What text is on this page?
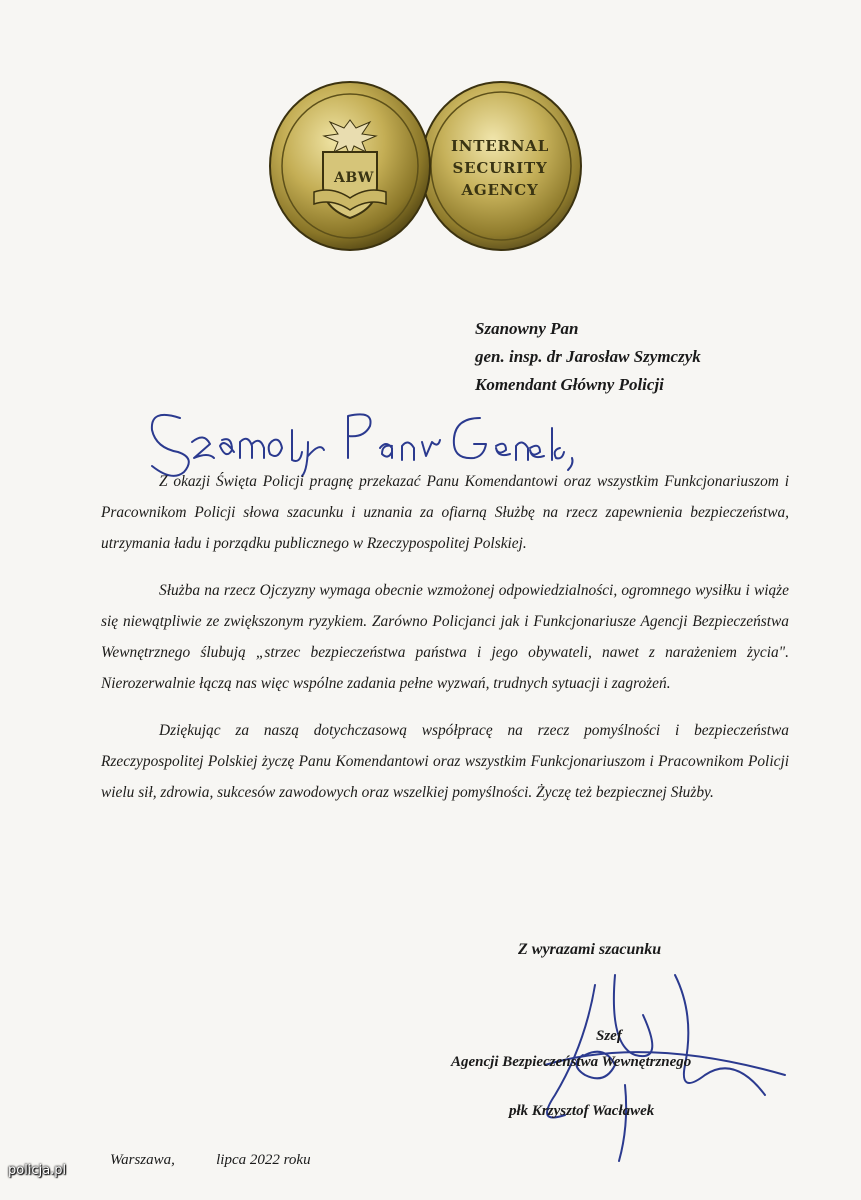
ABW
INTERNAL
SECURITY
AGENCY
Szanowny Pan
gen. insp. dr Jarosław Szymczyk
Komendant Główny Policji

Z okazji Święta Policji pragnę przekazać Panu Komendantowi oraz wszystkim Funkcjonariuszom i Pracownikom Policji słowa szacunku i uznania za ofiarną Służbę na rzecz zapewnienia bezpieczeństwa, utrzymania ładu i porządku publicznego w Rzeczypospolitej Polskiej.

Służba na rzecz Ojczyzny wymaga obecnie wzmożonej odpowiedzialności, ogromnego wysiłku i wiąże się niewątpliwie ze zwiększonym ryzykiem. Zarówno Policjanci jak i Funkcjonariusze Agencji Bezpieczeństwa Wewnętrznego ślubują „strzec bezpieczeństwa państwa i jego obywateli, nawet z narażeniem życia". Nierozerwalnie łączą nas więc wspólne zadania pełne wyzwań, trudnych sytuacji i zagrożeń.

Dziękując za naszą dotychczasową współpracę na rzecz pomyślności i bezpieczeństwa Rzeczypospolitej Polskiej życzę Panu Komendantowi oraz wszystkim Funkcjonariuszom i Pracownikom Policji wielu sił, zdrowia, sukcesów zawodowych oraz wszelkiej pomyślności. Życzę też bezpiecznej Służby.

Z wyrazami szacunku
Szef
Agencji Bezpieczeństwa Wewnętrznego
płk Krzysztof Wacławek
Warszawa,           lipca 2022 roku
policja.pl
